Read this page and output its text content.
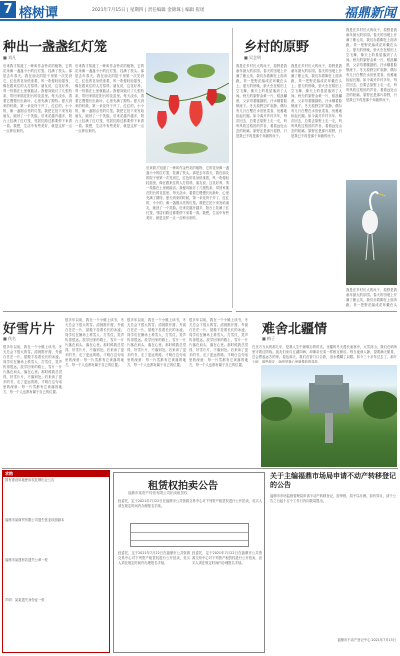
7 榕树谭	2021年7月15日 | 星期四 | 责任编辑 金锦珠 | 编辑 崔瑶	福鼎新闻
种出一盏盏红灯笼
■ 刘凡
后来我才知道了一种叫作金铃花的植物，它的花朵像一盏盏小小的红灯笼，挂满了枝头。那是去年春天，我在朋友的院子里第一次见到它，红色的花朵低垂着，风一吹便轻轻摇曳，像在跟来往的人打招呼。朋友说，这花好养，剪一枝插在土里就能活。我便向她讨了几根枝条，带回家插在阳台的花盆里。每天浇水，看着它慢慢长出新叶，心里充满了期待。夏天到来的时候，第一朵花终于开了，红红的，小小的，像一盏刚点亮的灯笼。我把它拍下来发给朋友，她回了一个笑脸。后来花越开越多，阳台上挂满了红灯笼，邻居们路过都要停下来看一看。我想，生活中有些美好，就是这样一点一点种出来的。
后来我才知道了一种叫作金铃花的植物，它的花朵像一盏盏小小的红灯笼，挂满了枝头。那是去年春天，我在朋友的院子里第一次见到它，红色的花朵低垂着，风一吹便轻轻摇曳，像在跟来往的人打招呼。朋友说，这花好养，剪一枝插在土里就能活。我便向她讨了几根枝条，带回家插在阳台的花盆里。每天浇水，看着它慢慢长出新叶，心里充满了期待。夏天到来的时候，第一朵花终于开了，红红的，小小的，像一盏刚点亮的灯笼。我把它拍下来发给朋友，她回了一个笑脸。后来花越开越多，阳台上挂满了红灯笼，邻居们路过都要停下来看一看。我想，生活中有些美好，就是这样一点一点种出来的。
后来我才知道了一种叫作金铃花的植物，它的花朵像一盏盏小小的红灯笼，挂满了枝头。那是去年春天，我在朋友的院子里第一次见到它，红色的花朵低垂着，风一吹便轻轻摇曳，像在跟来往的人打招呼。朋友说，这花好养，剪一枝插在土里就能活。我便向她讨了几根枝条，带回家插在阳台的花盆里。每天浇水，看着它慢慢长出新叶，心里充满了期待。夏天到来的时候，第一朵花终于开了，红红的，小小的，像一盏刚点亮的灯笼。我把它拍下来发给朋友，她回了一个笑脸。后来花越开越多，阳台上挂满了红灯笼，邻居们路过都要停下来看一看。我想，生活中有些美好，就是这样一点一点种出来的。
乡村的原野
■ 吴念明
我是在乡村长大的孩子，原野是我童年最大的乐园。春天的田埂上开满了紫云英，我们赤着脚在上面奔跑，采一把野花编成花环戴在头上。夏天的傍晚，萤火虫在稻田上空飞舞，像天上的星星落到了人间。秋天的原野金黄一片，稻浪翻滚，父亲弯着腰割稻，汗水顺着脸颊流下。冬天原野空旷寂静，偶尔有几只白鹭在水田里觅食，优雅地抬起长腿。如今离开乡村多年，每次回去，总要去原野上走一走，听听风吹过稻田的声音，看看远处山峦的轮廓。原野还是那片原野，只是我已不再是那个奔跑的孩子。
我是在乡村长大的孩子，原野是我童年最大的乐园。春天的田埂上开满了紫云英，我们赤着脚在上面奔跑，采一把野花编成花环戴在头上。夏天的傍晚，萤火虫在稻田上空飞舞，像天上的星星落到了人间。秋天的原野金黄一片，稻浪翻滚，父亲弯着腰割稻，汗水顺着脸颊流下。冬天原野空旷寂静，偶尔有几只白鹭在水田里觅食，优雅地抬起长腿。如今离开乡村多年，每次回去，总要去原野上走一走，听听风吹过稻田的声音，看看远处山峦的轮廓。原野还是那片原野，只是我已不再是那个奔跑的孩子。
我是在乡村长大的孩子，原野是我童年最大的乐园。春天的田埂上开满了紫云英，我们赤着脚在上面奔跑，采一把野花编成花环戴在头上。夏天的傍晚，萤火虫在稻田上空飞舞，像天上的星星落到了人间。秋天的原野金黄一片，稻浪翻滚，父亲弯着腰割稻，汗水顺着脸颊流下。冬天原野空旷寂静，偶尔有几只白鹭在水田里觅食，优雅地抬起长腿。如今离开乡村多年，每次回去，总要去原野上走一走，听听风吹过稻田的声音，看看远处山峦的轮廓。原野还是那片原野，只是我已不再是那个奔跑的孩子。
我是在乡村长大的孩子，原野是我童年最大的乐园。春天的田埂上开满了紫云英，我们赤着脚在上面奔跑，采一把野花编成花环戴在头
好雪片片
■ 佚名
很多年以前，我在一个小镇上读书，冬天总会下很大的雪。清晨推开窗，外面白茫茫一片，屋檐下挂着长长的冰凌。同学们在操场上堆雪人、打雪仗，笑声传得很远。放学回家的路上，雪片一片片落在肩头，落在心里。那时候我总觉得，好雪片片，不落别处。后来读了更多的书，走了更远的路，才明白这句话里的深意：每一片雪都有它该落的地方，每一个人也都有属于自己的位置。
很多年以前，我在一个小镇上读书，冬天总会下很大的雪。清晨推开窗，外面白茫茫一片，屋檐下挂着长长的冰凌。同学们在操场上堆雪人、打雪仗，笑声传得很远。放学回家的路上，雪片一片片落在肩头，落在心里。那时候我总觉得，好雪片片，不落别处。后来读了更多的书，走了更远的路，才明白这句话里的深意：每一片雪都有它该落的地方，每一个人也都有属于自己的位置。
很多年以前，我在一个小镇上读书，冬天总会下很大的雪。清晨推开窗，外面白茫茫一片，屋檐下挂着长长的冰凌。同学们在操场上堆雪人、打雪仗，笑声传得很远。放学回家的路上，雪片一片片落在肩头，落在心里。那时候我总觉得，好雪片片，不落别处。后来读了更多的书，走了更远的路，才明白这句话里的深意：每一片雪都有它该落的地方，每一个人也都有属于自己的位置。
很多年以前，我在一个小镇上读书，冬天总会下很大的雪。清晨推开窗，外面白茫茫一片，屋檐下挂着长长的冰凌。同学们在操场上堆雪人、打雪仗，笑声传得很远。放学回家的路上，雪片一片片落在肩头，落在心里。那时候我总觉得，好雪片片，不落别处。后来读了更多的书，走了更远的路，才明白这句话里的深意：每一片雪都有它该落的地方，每一个人也都有属于自己的位置。
难舍北疆情
■ 梅子
在北方当兵的那几年，是我人生中最难忘的时光。北疆的冬天漫长而寒冷，大雪封山，我们在哨所里守着边防线。战友们来自五湖四海，却像亲兄弟一样相互照应。每当夜深人静，望着满天繁星，总会想起远方的家。退伍那天，我们在营门口合影，泪水模糊了双眼。如今三十多年过去了，那片土地，那些战友，始终是我心里最柔软的牵挂。
求购
国有建设用地使用权挂牌出让公告
福鼎市某商贸有限公司遗失营业执照副本
福鼎市某建材店遗失公章一枚
声明：某某遗失身份证一张
租赁权拍卖公告
福鼎市某资产经营有限公司拍卖租赁权
经委托，定于2021年7月22日在福鼎市公共资源交易中心对下列资产租赁权进行公开拍卖，竞买人须在规定时间内办理报名手续。
经委托，定于2021年7月22日在福鼎市公共资源交易中心对下列资产租赁权进行公开拍卖，竞买人须在规定时间内办理报名手续。
经委托，定于2021年7月22日在福鼎市公共资源交易中心对下列资产租赁权进行公开拍卖，竞买人须在规定时间内办理报名手续。
关于主编福鼎市场局申请不动产转移登记的公告
福鼎市市场监督管理局申请不动产转移登记，经审核，拟予以办理。如有异议，请于公告之日起十五个工作日内向我局提出。
福鼎市不动产登记中心 2021年7月15日
